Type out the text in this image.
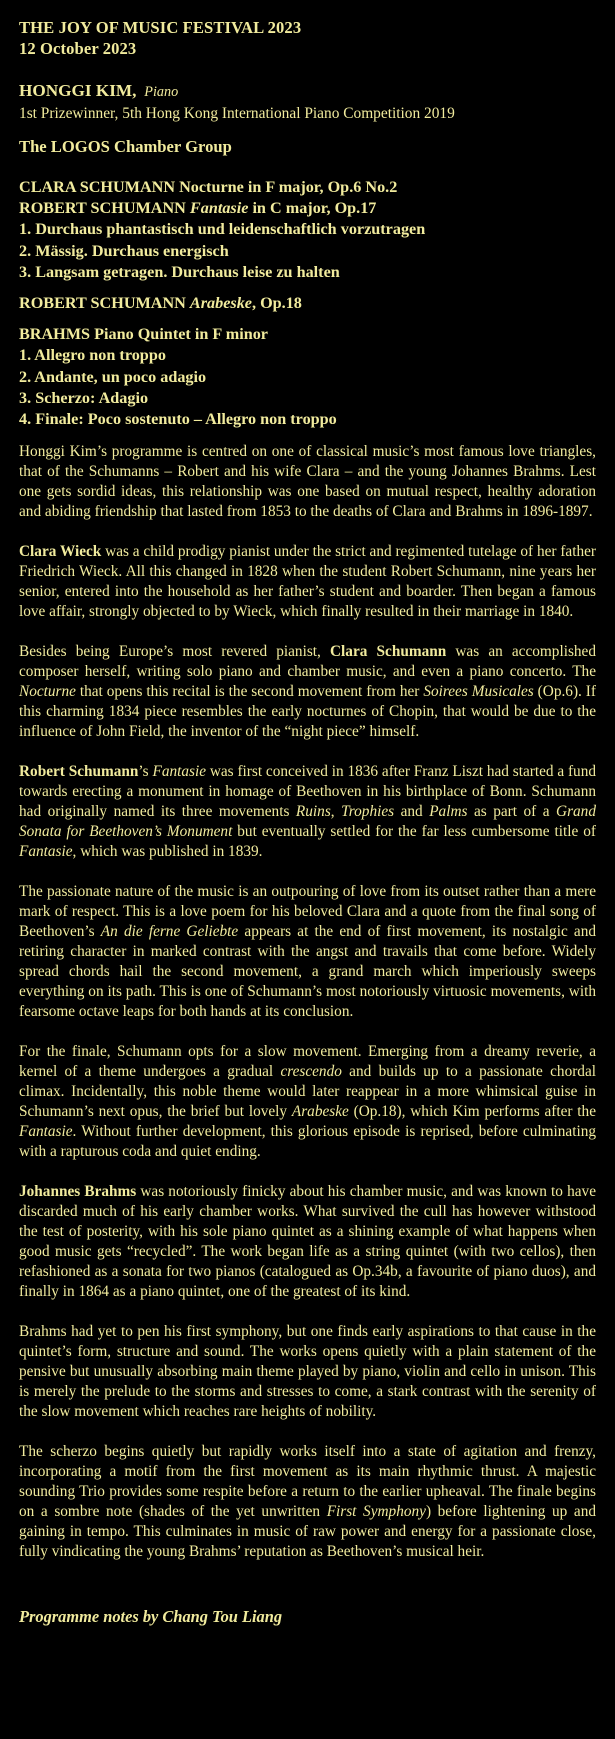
THE JOY OF MUSIC FESTIVAL 2023
12 October 2023
HONGGI KIM, Piano
1st Prizewinner, 5th Hong Kong International Piano Competition 2019
The LOGOS Chamber Group
CLARA SCHUMANN Nocturne in F major, Op.6 No.2
ROBERT SCHUMANN Fantasie in C major, Op.17
1. Durchaus phantastisch und leidenschaftlich vorzutragen
2. Mässig. Durchaus energisch
3. Langsam getragen. Durchaus leise zu halten
ROBERT SCHUMANN Arabeske, Op.18
BRAHMS Piano Quintet in F minor
1. Allegro non troppo
2. Andante, un poco adagio
3. Scherzo: Adagio
4. Finale: Poco sostenuto – Allegro non troppo

Honggi Kim’s programme is centred on one of classical music’s most famous love triangles, that of the Schumanns – Robert and his wife Clara – and the young Johannes Brahms. Lest one gets sordid ideas, this relationship was one based on mutual respect, healthy adoration and abiding friendship that lasted from 1853 to the deaths of Clara and Brahms in 1896-1897.

Clara Wieck was a child prodigy pianist under the strict and regimented tutelage of her father Friedrich Wieck. All this changed in 1828 when the student Robert Schumann, nine years her senior, entered into the household as her father’s student and boarder. Then began a famous love affair, strongly objected to by Wieck, which finally resulted in their marriage in 1840.

Besides being Europe’s most revered pianist, Clara Schumann was an accomplished composer herself, writing solo piano and chamber music, and even a piano concerto. The Nocturne that opens this recital is the second movement from her Soirees Musicales (Op.6). If this charming 1834 piece resembles the early nocturnes of Chopin, that would be due to the influence of John Field, the inventor of the “night piece” himself.

Robert Schumann’s Fantasie was first conceived in 1836 after Franz Liszt had started a fund towards erecting a monument in homage of Beethoven in his birthplace of Bonn. Schumann had originally named its three movements Ruins, Trophies and Palms as part of a Grand Sonata for Beethoven’s Monument but eventually settled for the far less cumbersome title of Fantasie, which was published in 1839.

The passionate nature of the music is an outpouring of love from its outset rather than a mere mark of respect. This is a love poem for his beloved Clara and a quote from the final song of Beethoven’s An die ferne Geliebte appears at the end of first movement, its nostalgic and retiring character in marked contrast with the angst and travails that come before. Widely spread chords hail the second movement, a grand march which imperiously sweeps everything on its path. This is one of Schumann’s most notoriously virtuosic movements, with fearsome octave leaps for both hands at its conclusion.

For the finale, Schumann opts for a slow movement. Emerging from a dreamy reverie, a kernel of a theme undergoes a gradual crescendo and builds up to a passionate chordal climax. Incidentally, this noble theme would later reappear in a more whimsical guise in Schumann’s next opus, the brief but lovely Arabeske (Op.18), which Kim performs after the Fantasie. Without further development, this glorious episode is reprised, before culminating with a rapturous coda and quiet ending.

Johannes Brahms was notoriously finicky about his chamber music, and was known to have discarded much of his early chamber works. What survived the cull has however withstood the test of posterity, with his sole piano quintet as a shining example of what happens when good music gets “recycled”. The work began life as a string quintet (with two cellos), then refashioned as a sonata for two pianos (catalogued as Op.34b, a favourite of piano duos), and finally in 1864 as a piano quintet, one of the greatest of its kind.

Brahms had yet to pen his first symphony, but one finds early aspirations to that cause in the quintet’s form, structure and sound. The works opens quietly with a plain statement of the pensive but unusually absorbing main theme played by piano, violin and cello in unison. This is merely the prelude to the storms and stresses to come, a stark contrast with the serenity of the slow movement which reaches rare heights of nobility.

The scherzo begins quietly but rapidly works itself into a state of agitation and frenzy, incorporating a motif from the first movement as its main rhythmic thrust. A majestic sounding Trio provides some respite before a return to the earlier upheaval. The finale begins on a sombre note (shades of the yet unwritten First Symphony) before lightening up and gaining in tempo. This culminates in music of raw power and energy for a passionate close, fully vindicating the young Brahms’ reputation as Beethoven’s musical heir.

Programme notes by Chang Tou Liang
